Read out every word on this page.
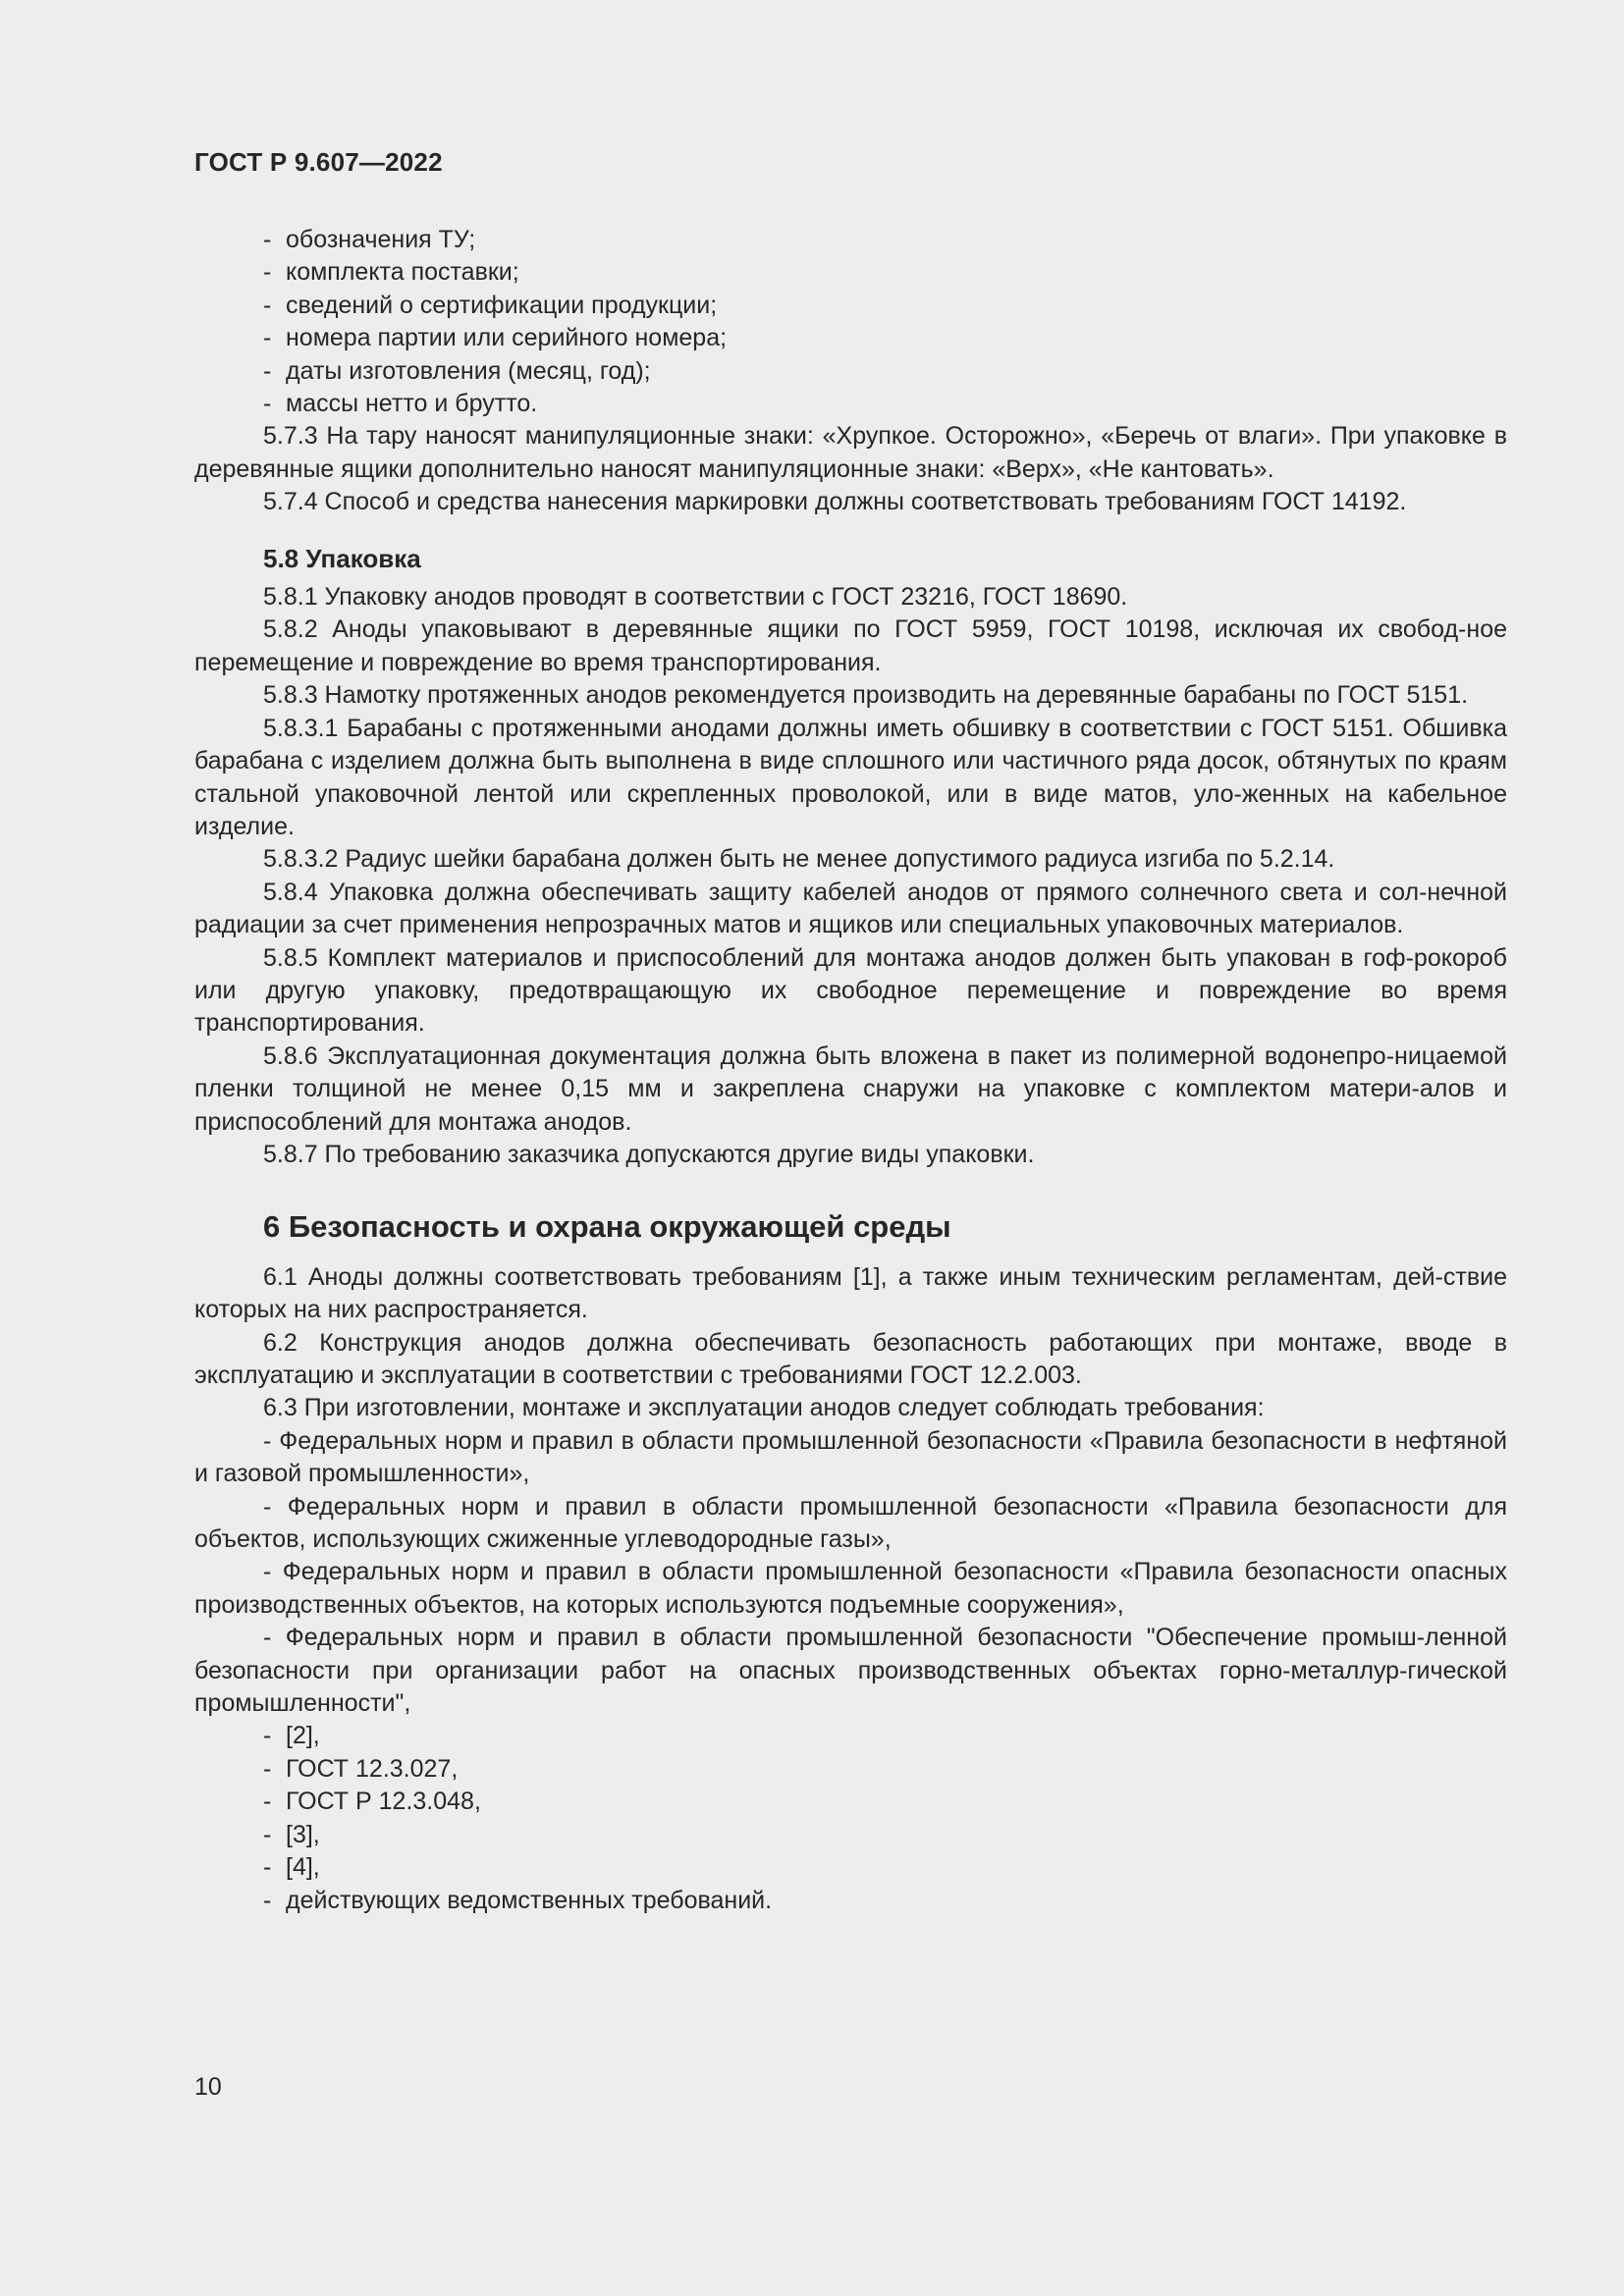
ГОСТ Р 9.607—2022

- обозначения ТУ;

- комплекта поставки;

- сведений о сертификации продукции;

- номера партии или серийного номера;

- даты изготовления (месяц, год);

- массы нетто и брутто.

5.7.3 На тару наносят манипуляционные знаки: «Хрупкое. Осторожно», «Беречь от влаги». При упаковке в деревянные ящики дополнительно наносят манипуляционные знаки: «Верх», «Не кантовать».

5.7.4 Способ и средства нанесения маркировки должны соответствовать требованиям ГОСТ 14192.

5.8 Упаковка

5.8.1 Упаковку анодов проводят в соответствии с ГОСТ 23216, ГОСТ 18690.

5.8.2 Аноды упаковывают в деревянные ящики по ГОСТ 5959, ГОСТ 10198, исключая их свобод-ное перемещение и повреждение во время транспортирования.

5.8.3 Намотку протяженных анодов рекомендуется производить на деревянные барабаны по ГОСТ 5151.

5.8.3.1 Барабаны с протяженными анодами должны иметь обшивку в соответствии с ГОСТ 5151. Обшивка барабана с изделием должна быть выполнена в виде сплошного или частичного ряда досок, обтянутых по краям стальной упаковочной лентой или скрепленных проволокой, или в виде матов, уло-женных на кабельное изделие.

5.8.3.2 Радиус шейки барабана должен быть не менее допустимого радиуса изгиба по 5.2.14.

5.8.4 Упаковка должна обеспечивать защиту кабелей анодов от прямого солнечного света и сол-нечной радиации за счет применения непрозрачных матов и ящиков или специальных упаковочных материалов.

5.8.5 Комплект материалов и приспособлений для монтажа анодов должен быть упакован в гоф-рокороб или другую упаковку, предотвращающую их свободное перемещение и повреждение во время транспортирования.

5.8.6 Эксплуатационная документация должна быть вложена в пакет из полимерной водонепро-ницаемой пленки толщиной не менее 0,15 мм и закреплена снаружи на упаковке с комплектом матери-алов и приспособлений для монтажа анодов.

5.8.7 По требованию заказчика допускаются другие виды упаковки.

6 Безопасность и охрана окружающей среды

6.1 Аноды должны соответствовать требованиям [1], а также иным техническим регламентам, дей-ствие которых на них распространяется.

6.2 Конструкция анодов должна обеспечивать безопасность работающих при монтаже, вводе в эксплуатацию и эксплуатации в соответствии с требованиями ГОСТ 12.2.003.

6.3 При изготовлении, монтаже и эксплуатации анодов следует соблюдать требования:

- Федеральных норм и правил в области промышленной безопасности «Правила безопасности в нефтяной и газовой промышленности»,

- Федеральных норм и правил в области промышленной безопасности «Правила безопасности для объектов, использующих сжиженные углеводородные газы»,

- Федеральных норм и правил в области промышленной безопасности «Правила безопасности опасных производственных объектов, на которых используются подъемные сооружения»,

- Федеральных норм и правил в области промышленной безопасности "Обеспечение промыш-ленной безопасности при организации работ на опасных производственных объектах горно-металлур-гической промышленности",

- [2],

- ГОСТ 12.3.027,

- ГОСТ Р 12.3.048,

- [3],

- [4],

- действующих ведомственных требований.

10
